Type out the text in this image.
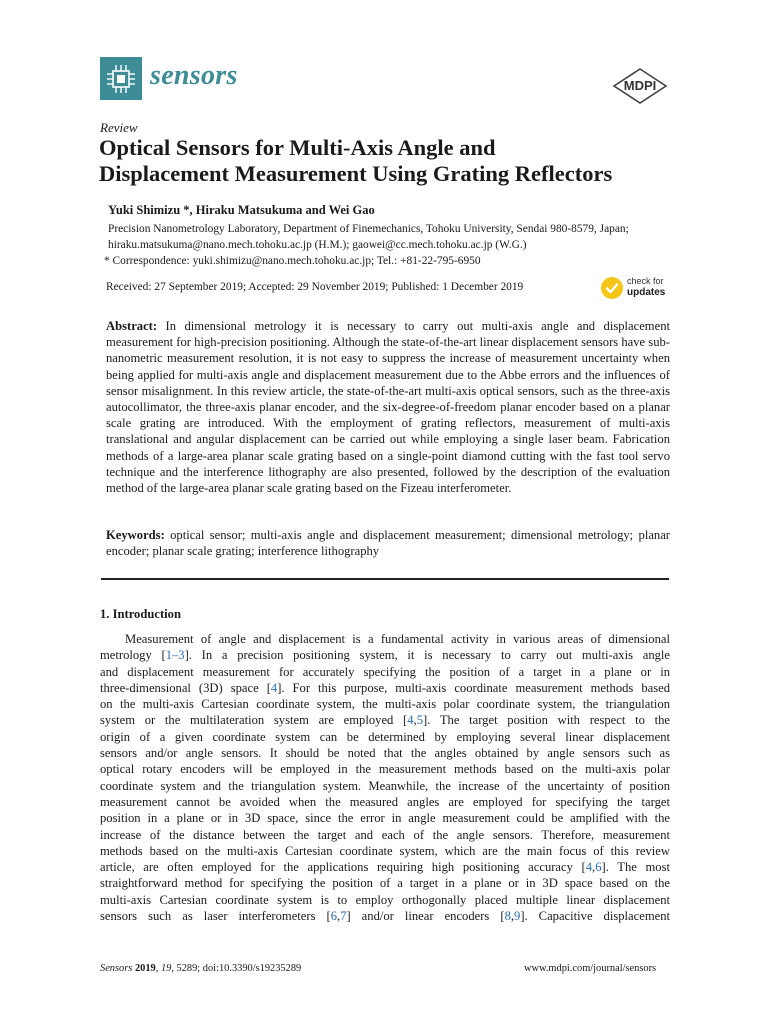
sensors	MDPI
Review
Optical Sensors for Multi-Axis Angle and
Displacement Measurement Using Grating Reflectors
Yuki Shimizu *, Hiraku Matsukuma and Wei Gao
Precision Nanometrology Laboratory, Department of Finemechanics, Tohoku University, Sendai 980-8579, Japan;
hiraku.matsukuma@nano.mech.tohoku.ac.jp (H.M.); gaowei@cc.mech.tohoku.ac.jp (W.G.)
* Correspondence: yuki.shimizu@nano.mech.tohoku.ac.jp; Tel.: +81-22-795-6950
Received: 27 September 2019; Accepted: 29 November 2019; Published: 1 December 2019	check for
updates
Abstract: In dimensional metrology it is necessary to carry out multi-axis angle and displacement measurement for high-precision positioning. Although the state-of-the-art linear displacement sensors have sub-nanometric measurement resolution, it is not easy to suppress the increase of measurement uncertainty when being applied for multi-axis angle and displacement measurement due to the Abbe errors and the influences of sensor misalignment. In this review article, the state-of-the-art multi-axis optical sensors, such as the three-axis autocollimator, the three-axis planar encoder, and the six-degree-of-freedom planar encoder based on a planar scale grating are introduced. With the employment of grating reflectors, measurement of multi-axis translational and angular displacement can be carried out while employing a single laser beam. Fabrication methods of a large-area planar scale grating based on a single-point diamond cutting with the fast tool servo technique and the interference lithography are also presented, followed by the description of the evaluation method of the large-area planar scale grating based on the Fizeau interferometer.
Keywords: optical sensor; multi-axis angle and displacement measurement; dimensional metrology; planar encoder; planar scale grating; interference lithography
1. Introduction
Measurement of angle and displacement is a fundamental activity in various areas of dimensional
metrology [1–3]. In a precision positioning system, it is necessary to carry out multi-axis angle
and displacement measurement for accurately specifying the position of a target in a plane or in
three-dimensional (3D) space [4]. For this purpose, multi-axis coordinate measurement methods based
on the multi-axis Cartesian coordinate system, the multi-axis polar coordinate system, the triangulation
system or the multilateration system are employed [4,5]. The target position with respect to the
origin of a given coordinate system can be determined by employing several linear displacement
sensors and/or angle sensors. It should be noted that the angles obtained by angle sensors such as
optical rotary encoders will be employed in the measurement methods based on the multi-axis polar
coordinate system and the triangulation system. Meanwhile, the increase of the uncertainty of position
measurement cannot be avoided when the measured angles are employed for specifying the target
position in a plane or in 3D space, since the error in angle measurement could be amplified with the
increase of the distance between the target and each of the angle sensors. Therefore, measurement
methods based on the multi-axis Cartesian coordinate system, which are the main focus of this review
article, are often employed for the applications requiring high positioning accuracy [4,6]. The most
straightforward method for specifying the position of a target in a plane or in 3D space based on the
multi-axis Cartesian coordinate system is to employ orthogonally placed multiple linear displacement
sensors such as laser interferometers [6,7] and/or linear encoders [8,9]. Capacitive displacement
Sensors 2019, 19, 5289; doi:10.3390/s19235289	www.mdpi.com/journal/sensors
